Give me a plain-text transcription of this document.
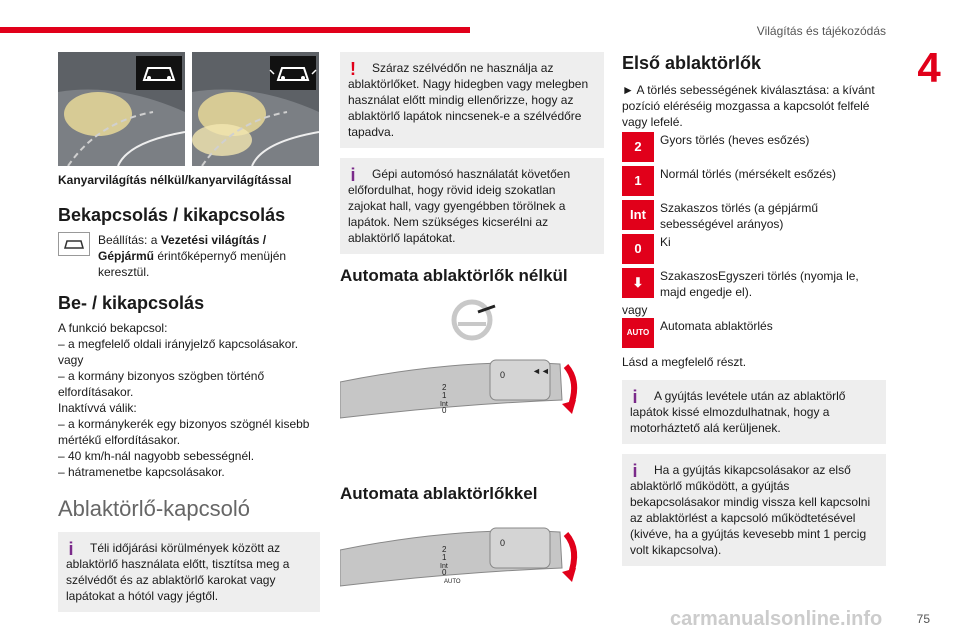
Világítás és tájékozódás
4
Kanyarvilágítás nélkül/kanyarvilágítással
Bekapcsolás / kikapcsolás
Beállítás: a Vezetési világítás / Gépjármű érintőképernyő menüjén keresztül.
Be- / kikapcsolás
A funkció bekapcsol:
– a megfelelő oldali irányjelző kapcsolásakor.
vagy
– a kormány bizonyos szögben történő elfordításakor.
Inaktívvá válik:
– a kormánykerék egy bizonyos szögnél kisebb mértékű elfordításakor.
– 40 km/h-nál nagyobb sebességnél.
– hátramenetbe kapcsolásakor.
Ablaktörlő-kapcsoló
i	Téli időjárási körülmények között az ablaktörlő használata előtt, tisztítsa meg a szélvédőt és az ablaktörlő karokat vagy lapátokat a hótól vagy jégtől.
!	Száraz szélvédőn ne használja az ablaktörlőket. Nagy hidegben vagy melegben használat előtt mindig ellenőrizze, hogy az ablaktörlő lapátok nincsenek-e a szélvédőre tapadva.
i	Gépi automósó használatát követően előfordulhat, hogy rövid ideig szokatlan zajokat hall, vagy gyengébben törölnek a lapátok. Nem szükséges kicserélni az ablaktörlő lapátokat.
Automata ablaktörlők nélkül
2
1
Int
0
0	◄◄
Automata ablaktörlőkkel
2
1
Int
0
AUTO
0
Első ablaktörlők
► A törlés sebességének kiválasztása: a kívánt pozíció eléréséig mozgassa a kapcsolót felfelé vagy lefelé.
2	Gyors törlés (heves esőzés)
1	Normál törlés (mérsékelt esőzés)
Int	Szakaszos törlés (a gépjármű sebességével arányos)
0	Ki
⬇	SzakaszosEgyszeri törlés (nyomja le, majd engedje el).
vagy
AUTO Automata ablaktörlés
Lásd a megfelelő részt.
i	A gyújtás levétele után az ablaktörlő lapátok kissé elmozdulhatnak, hogy a motorháztető alá kerüljenek.
i	Ha a gyújtás kikapcsolásakor az első ablaktörlő működött, a gyújtás bekapcsolásakor mindig vissza kell kapcsolni az ablaktörlést a kapcsoló működtetésével (kivéve, ha a gyújtás kevesebb mint 1 percig volt kikapcsolva).
carmanualsonline.info	75
